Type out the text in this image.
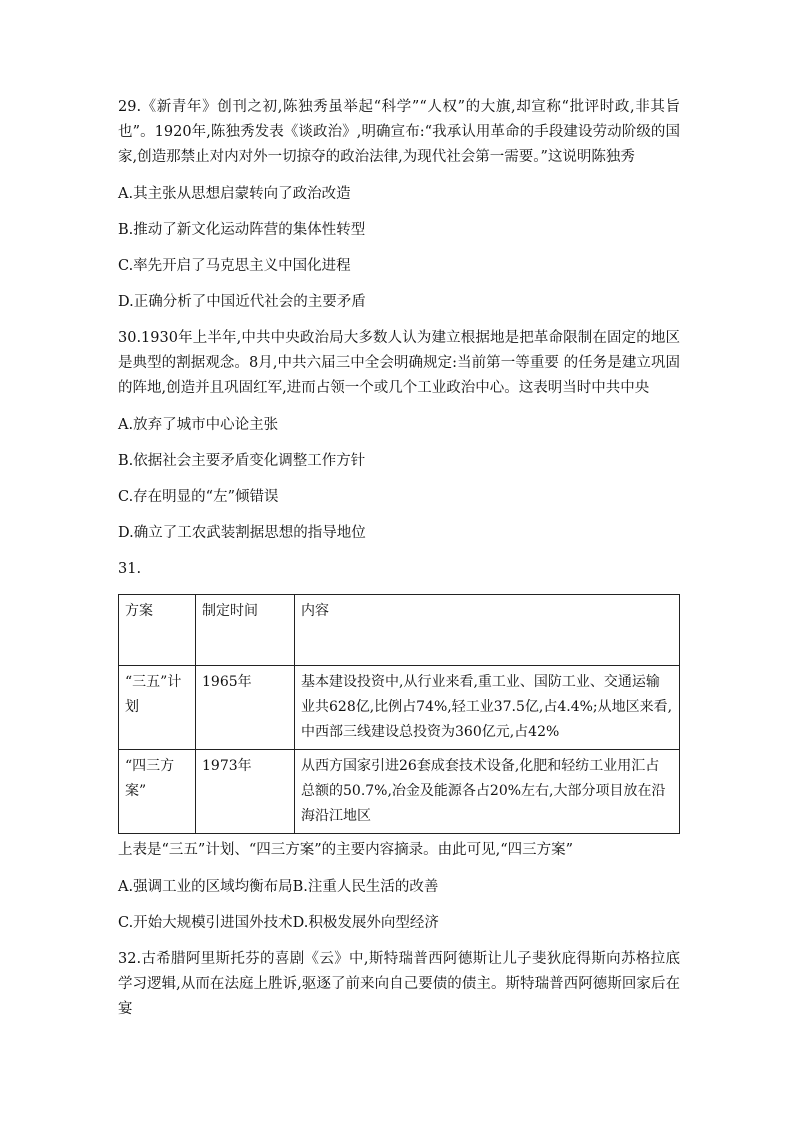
29.《新青年》创刊之初,陈独秀虽举起“科学”“人权”的大旗,却宣称“批评时政,非其旨也”。1920年,陈独秀发表《谈政治》,明确宣布:“我承认用革命的手段建设劳动阶级的国家,创造那禁止对内对外一切掠夺的政治法律,为现代社会第一需要。”这说明陈独秀

A.其主张从思想启蒙转向了政治改造

B.推动了新文化运动阵营的集体性转型

C.率先开启了马克思主义中国化进程

D.正确分析了中国近代社会的主要矛盾

30.1930年上半年,中共中央政治局大多数人认为建立根据地是把革命限制在固定的地区是典型的割据观念。8月,中共六届三中全会明确规定:当前第一等重要 的任务是建立巩固的阵地,创造并且巩固红军,进而占领一个或几个工业政治中心。这表明当时中共中央

A.放弃了城市中心论主张

B.依据社会主要矛盾变化调整工作方针

C.存在明显的“左”倾错误

D.确立了工农武装割据思想的指导地位

31.

方案	制定时间	内容
“三五”计划	1965年	基本建设投资中,从行业来看,重工业、国防工业、交通运输业共628亿,比例占74%,轻工业37.5亿,占4.4%;从地区来看,中西部三线建设总投资为360亿元,占42%
“四三方案”	1973年	从西方国家引进26套成套技术设备,化肥和轻纺工业用汇占总额的50.7%,冶金及能源各占20%左右,大部分项目放在沿海沿江地区

上表是“三五”计划、“四三方案”的主要内容摘录。由此可见,“四三方案”

A.强调工业的区域均衡布局B.注重人民生活的改善

C.开始大规模引进国外技术D.积极发展外向型经济

32.古希腊阿里斯托芬的喜剧《云》中,斯特瑞普西阿德斯让儿子斐狄庇得斯向苏格拉底学习逻辑,从而在法庭上胜诉,驱逐了前来向自己要债的债主。斯特瑞普西阿德斯回家后在宴
